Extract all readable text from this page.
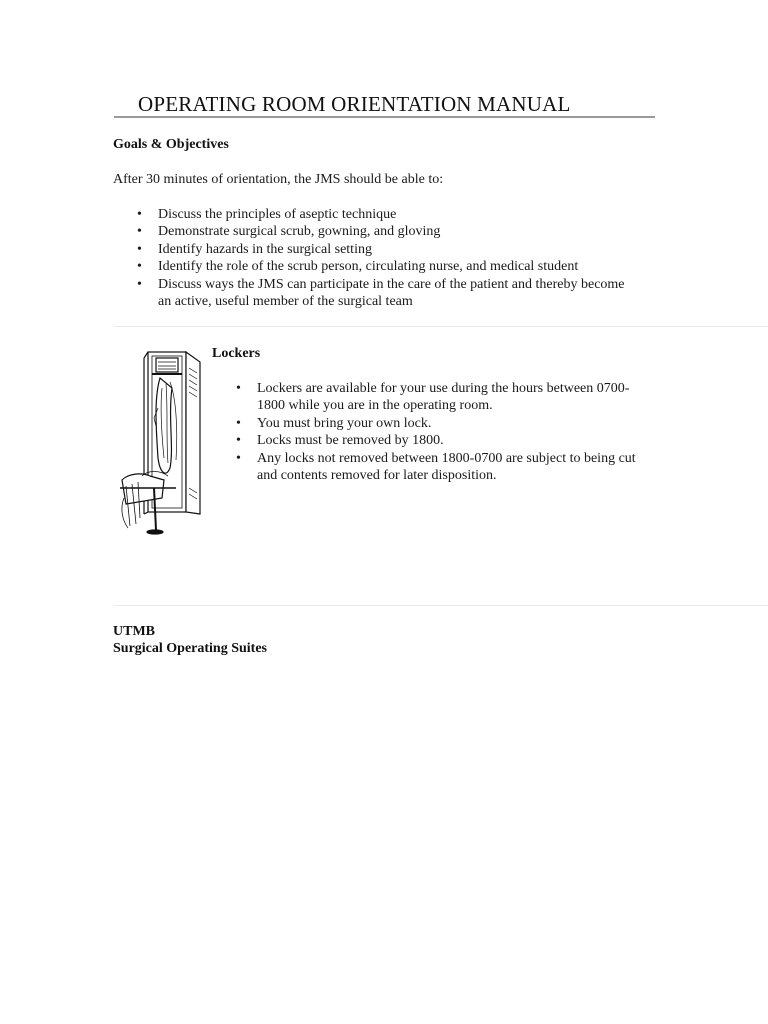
OPERATING ROOM ORIENTATION MANUAL
Goals & Objectives
After 30 minutes of orientation, the JMS should be able to:
• Discuss the principles of aseptic technique
• Demonstrate surgical scrub, gowning, and gloving
• Identify hazards in the surgical setting
• Identify the role of the scrub person, circulating nurse, and medical student
• Discuss ways the JMS can participate in the care of the patient and thereby become an active, useful member of the surgical team
Lockers
• Lockers are available for your use during the hours between 0700-1800 while you are in the operating room.
• You must bring your own lock.
• Locks must be removed by 1800.
• Any locks not removed between 1800-0700 are subject to being cut and contents removed for later disposition.
UTMB
Surgical Operating Suites
